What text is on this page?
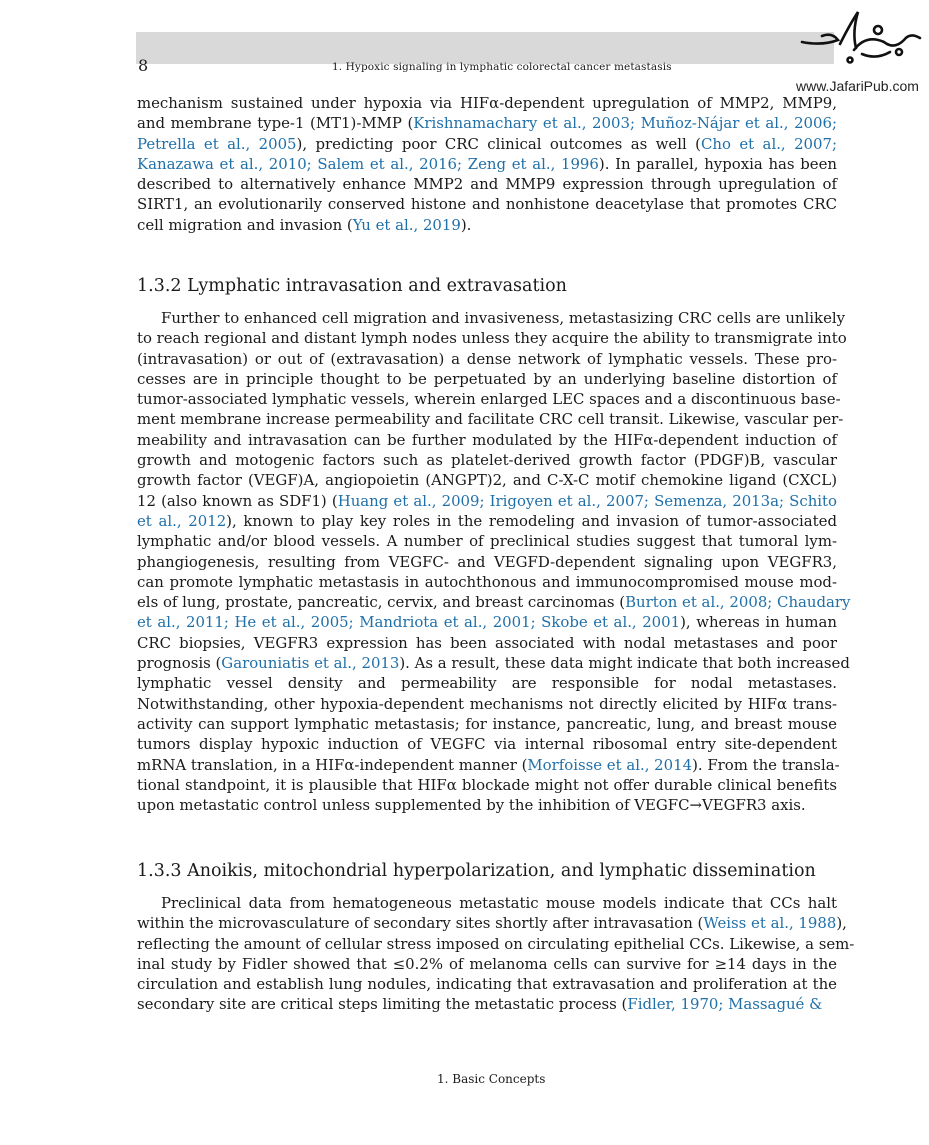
8	1. Hypoxic signaling in lymphatic colorectal cancer metastasis
www.JafariPub.com
mechanism sustained under hypoxia via HIFα-dependent upregulation of MMP2, MMP9,
and membrane type-1 (MT1)-MMP (Krishnamachary et al., 2003; Muñoz-Nájar et al., 2006;
Petrella et al., 2005), predicting poor CRC clinical outcomes as well (Cho et al., 2007;
Kanazawa et al., 2010; Salem et al., 2016; Zeng et al., 1996). In parallel, hypoxia has been
described to alternatively enhance MMP2 and MMP9 expression through upregulation of
SIRT1, an evolutionarily conserved histone and nonhistone deacetylase that promotes CRC
cell migration and invasion (Yu et al., 2019).
1.3.2 Lymphatic intravasation and extravasation
Further to enhanced cell migration and invasiveness, metastasizing CRC cells are unlikely
to reach regional and distant lymph nodes unless they acquire the ability to transmigrate into
(intravasation) or out of (extravasation) a dense network of lymphatic vessels. These pro-
cesses are in principle thought to be perpetuated by an underlying baseline distortion of
tumor-associated lymphatic vessels, wherein enlarged LEC spaces and a discontinuous base-
ment membrane increase permeability and facilitate CRC cell transit. Likewise, vascular per-
meability and intravasation can be further modulated by the HIFα-dependent induction of
growth and motogenic factors such as platelet-derived growth factor (PDGF)B, vascular
growth factor (VEGF)A, angiopoietin (ANGPT)2, and C-X-C motif chemokine ligand (CXCL)
12 (also known as SDF1) (Huang et al., 2009; Irigoyen et al., 2007; Semenza, 2013a; Schito
et al., 2012), known to play key roles in the remodeling and invasion of tumor-associated
lymphatic and/or blood vessels. A number of preclinical studies suggest that tumoral lym-
phangiogenesis, resulting from VEGFC- and VEGFD-dependent signaling upon VEGFR3,
can promote lymphatic metastasis in autochthonous and immunocompromised mouse mod-
els of lung, prostate, pancreatic, cervix, and breast carcinomas (Burton et al., 2008; Chaudary
et al., 2011; He et al., 2005; Mandriota et al., 2001; Skobe et al., 2001), whereas in human
CRC biopsies, VEGFR3 expression has been associated with nodal metastases and poor
prognosis (Garouniatis et al., 2013). As a result, these data might indicate that both increased
lymphatic vessel density and permeability are responsible for nodal metastases.
Notwithstanding, other hypoxia-dependent mechanisms not directly elicited by HIFα trans-
activity can support lymphatic metastasis; for instance, pancreatic, lung, and breast mouse
tumors display hypoxic induction of VEGFC via internal ribosomal entry site-dependent
mRNA translation, in a HIFα-independent manner (Morfoisse et al., 2014). From the transla-
tional standpoint, it is plausible that HIFα blockade might not offer durable clinical benefits
upon metastatic control unless supplemented by the inhibition of VEGFC→VEGFR3 axis.
1.3.3 Anoikis, mitochondrial hyperpolarization, and lymphatic dissemination
Preclinical data from hematogeneous metastatic mouse models indicate that CCs halt
within the microvasculature of secondary sites shortly after intravasation (Weiss et al., 1988),
reflecting the amount of cellular stress imposed on circulating epithelial CCs. Likewise, a sem-
inal study by Fidler showed that ≤0.2% of melanoma cells can survive for ≥14 days in the
circulation and establish lung nodules, indicating that extravasation and proliferation at the
secondary site are critical steps limiting the metastatic process (Fidler, 1970; Massagué &
1. Basic Concepts
